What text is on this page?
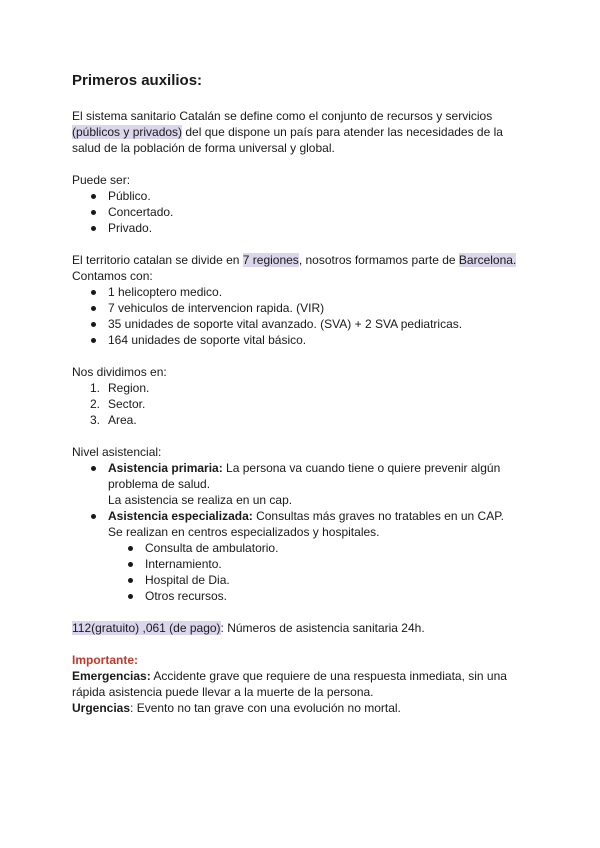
Primeros auxilios:

El sistema sanitario Catalán se define como el conjunto de recursos y servicios (públicos y privados) del que dispone un país para atender las necesidades de la salud de la población de forma universal y global.

Puede ser:

Público.
Concertado.
Privado.

El territorio catalan se divide en 7 regiones, nosotros formamos parte de Barcelona.

Contamos con:

1 helicoptero medico.
7 vehiculos de intervencion rapida. (VIR)
35 unidades de soporte vital avanzado. (SVA) + 2 SVA pediatricas.
164 unidades de soporte vital básico.

Nos dividimos en:

1. Region.
2. Sector.
3. Area.

Nivel asistencial:

Asistencia primaria: La persona va cuando tiene o quiere prevenir algún problema de salud.
La asistencia se realiza en un cap.
Asistencia especializada: Consultas más graves no tratables en un CAP.
Se realizan en centros especializados y hospitales.
Consulta de ambulatorio.
Internamiento.
Hospital de Dia.
Otros recursos.

112(gratuito) ,061 (de pago): Números de asistencia sanitaria 24h.

Importante:

Emergencias: Accidente grave que requiere de una respuesta inmediata, sin una rápida asistencia puede llevar a la muerte de la persona.

Urgencias: Evento no tan grave con una evolución no mortal.
